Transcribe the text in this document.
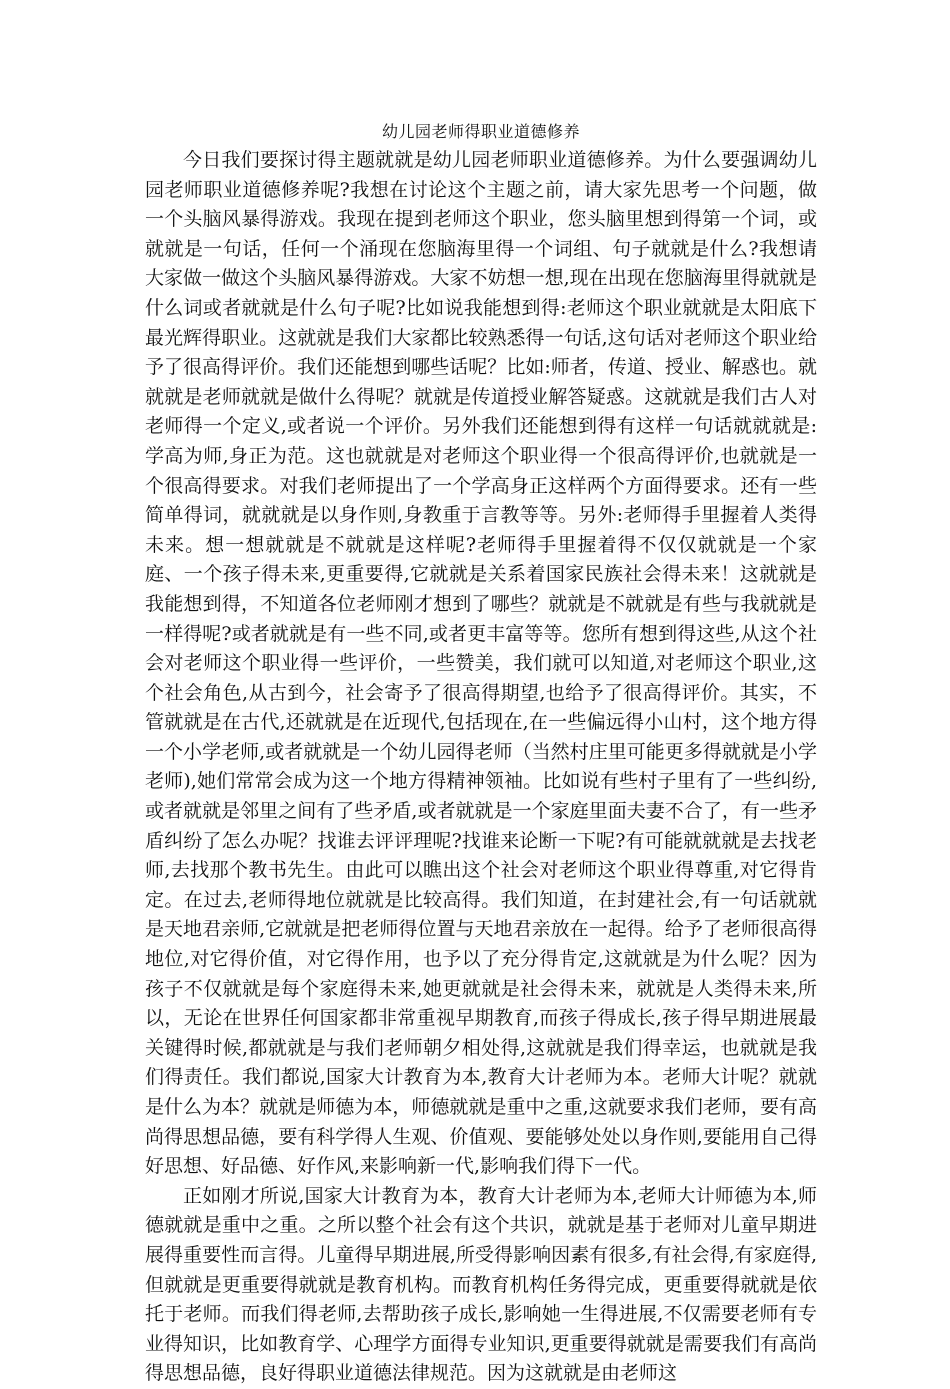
幼儿园老师得职业道德修养

今日我们要探讨得主题就就是幼儿园老师职业道德修养。为什么要强调幼儿园老师职业道德修养呢?我想在讨论这个主题之前，请大家先思考一个问题，做一个头脑风暴得游戏。我现在提到老师这个职业，您头脑里想到得第一个词，或就就是一句话，任何一个涌现在您脑海里得一个词组、句子就就是什么?我想请大家做一做这个头脑风暴得游戏。大家不妨想一想,现在出现在您脑海里得就就是什么词或者就就是什么句子呢?比如说我能想到得:老师这个职业就就是太阳底下最光辉得职业。这就就是我们大家都比较熟悉得一句话,这句话对老师这个职业给予了很高得评价。我们还能想到哪些话呢？比如:师者，传道、授业、解惑也。就就就是老师就就是做什么得呢？就就是传道授业解答疑惑。这就就是我们古人对老师得一个定义,或者说一个评价。另外我们还能想到得有这样一句话就就就是:学高为师,身正为范。这也就就是对老师这个职业得一个很高得评价,也就就是一个很高得要求。对我们老师提出了一个学高身正这样两个方面得要求。还有一些简单得词，就就就是以身作则,身教重于言教等等。另外:老师得手里握着人类得未来。想一想就就是不就就是这样呢?老师得手里握着得不仅仅就就是一个家庭、一个孩子得未来,更重要得,它就就是关系着国家民族社会得未来！这就就是我能想到得，不知道各位老师刚才想到了哪些？就就是不就就是有些与我就就是一样得呢?或者就就是有一些不同,或者更丰富等等。您所有想到得这些,从这个社会对老师这个职业得一些评价，一些赞美，我们就可以知道,对老师这个职业,这个社会角色,从古到今，社会寄予了很高得期望,也给予了很高得评价。其实，不管就就是在古代,还就就是在近现代,包括现在,在一些偏远得小山村，这个地方得一个小学老师,或者就就是一个幼儿园得老师（当然村庄里可能更多得就就是小学老师),她们常常会成为这一个地方得精神领袖。比如说有些村子里有了一些纠纷,或者就就是邻里之间有了些矛盾,或者就就是一个家庭里面夫妻不合了，有一些矛盾纠纷了怎么办呢？找谁去评评理呢?找谁来论断一下呢?有可能就就就是去找老师,去找那个教书先生。由此可以瞧出这个社会对老师这个职业得尊重,对它得肯定。在过去,老师得地位就就是比较高得。我们知道，在封建社会,有一句话就就是天地君亲师,它就就是把老师得位置与天地君亲放在一起得。给予了老师很高得地位,对它得价值，对它得作用，也予以了充分得肯定,这就就是为什么呢？因为孩子不仅就就是每个家庭得未来,她更就就是社会得未来，就就是人类得未来,所以，无论在世界任何国家都非常重视早期教育,而孩子得成长,孩子得早期进展最关键得时候,都就就是与我们老师朝夕相处得,这就就是我们得幸运，也就就是我们得责任。我们都说,国家大计教育为本,教育大计老师为本。老师大计呢？就就是什么为本？就就是师德为本，师德就就是重中之重,这就要求我们老师，要有高尚得思想品德，要有科学得人生观、价值观、要能够处处以身作则,要能用自己得好思想、好品德、好作风,来影响新一代,影响我们得下一代。

正如刚才所说,国家大计教育为本，教育大计老师为本,老师大计师德为本,师德就就是重中之重。之所以整个社会有这个共识，就就是基于老师对儿童早期进展得重要性而言得。儿童得早期进展,所受得影响因素有很多,有社会得,有家庭得,但就就是更重要得就就是教育机构。而教育机构任务得完成，更重要得就就是依托于老师。而我们得老师,去帮助孩子成长,影响她一生得进展,不仅需要老师有专业得知识，比如教育学、心理学方面得专业知识,更重要得就就是需要我们有高尚得思想品德，良好得职业道德法律规范。因为这就就是由老师这
